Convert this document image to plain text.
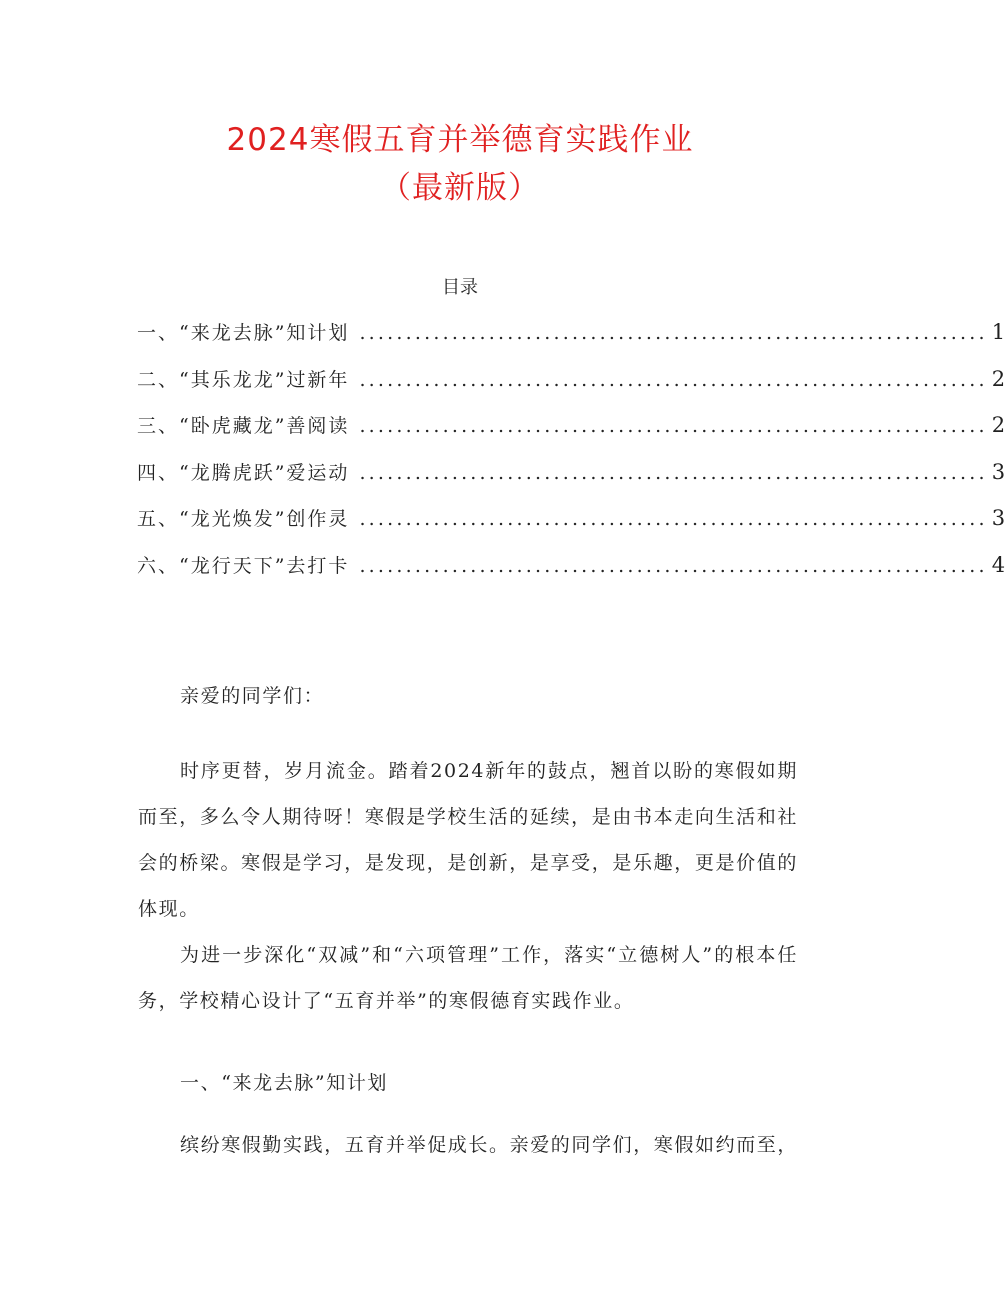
2024寒假五育并举德育实践作业
（最新版）
目录
一、“来龙去脉”知计划 .................................................................... 1
二、“其乐龙龙”过新年 .................................................................... 2
三、“卧虎藏龙”善阅读 .................................................................... 2
四、“龙腾虎跃”爱运动 .................................................................... 3
五、“龙光焕发”创作灵 .................................................................... 3
六、“龙行天下”去打卡 .................................................................... 4
亲爱的同学们：
时序更替，岁月流金。踏着2024新年的鼓点，翘首以盼的寒假如期而至，多么令人期待呀！寒假是学校生活的延续，是由书本走向生活和社会的桥梁。寒假是学习，是发现，是创新，是享受，是乐趣，更是价值的体现。
为进一步深化“双减”和“六项管理”工作，落实“立德树人”的根本任务，学校精心设计了“五育并举”的寒假德育实践作业。
一、“来龙去脉”知计划
缤纷寒假勤实践，五育并举促成长。亲爱的同学们，寒假如约而至，
